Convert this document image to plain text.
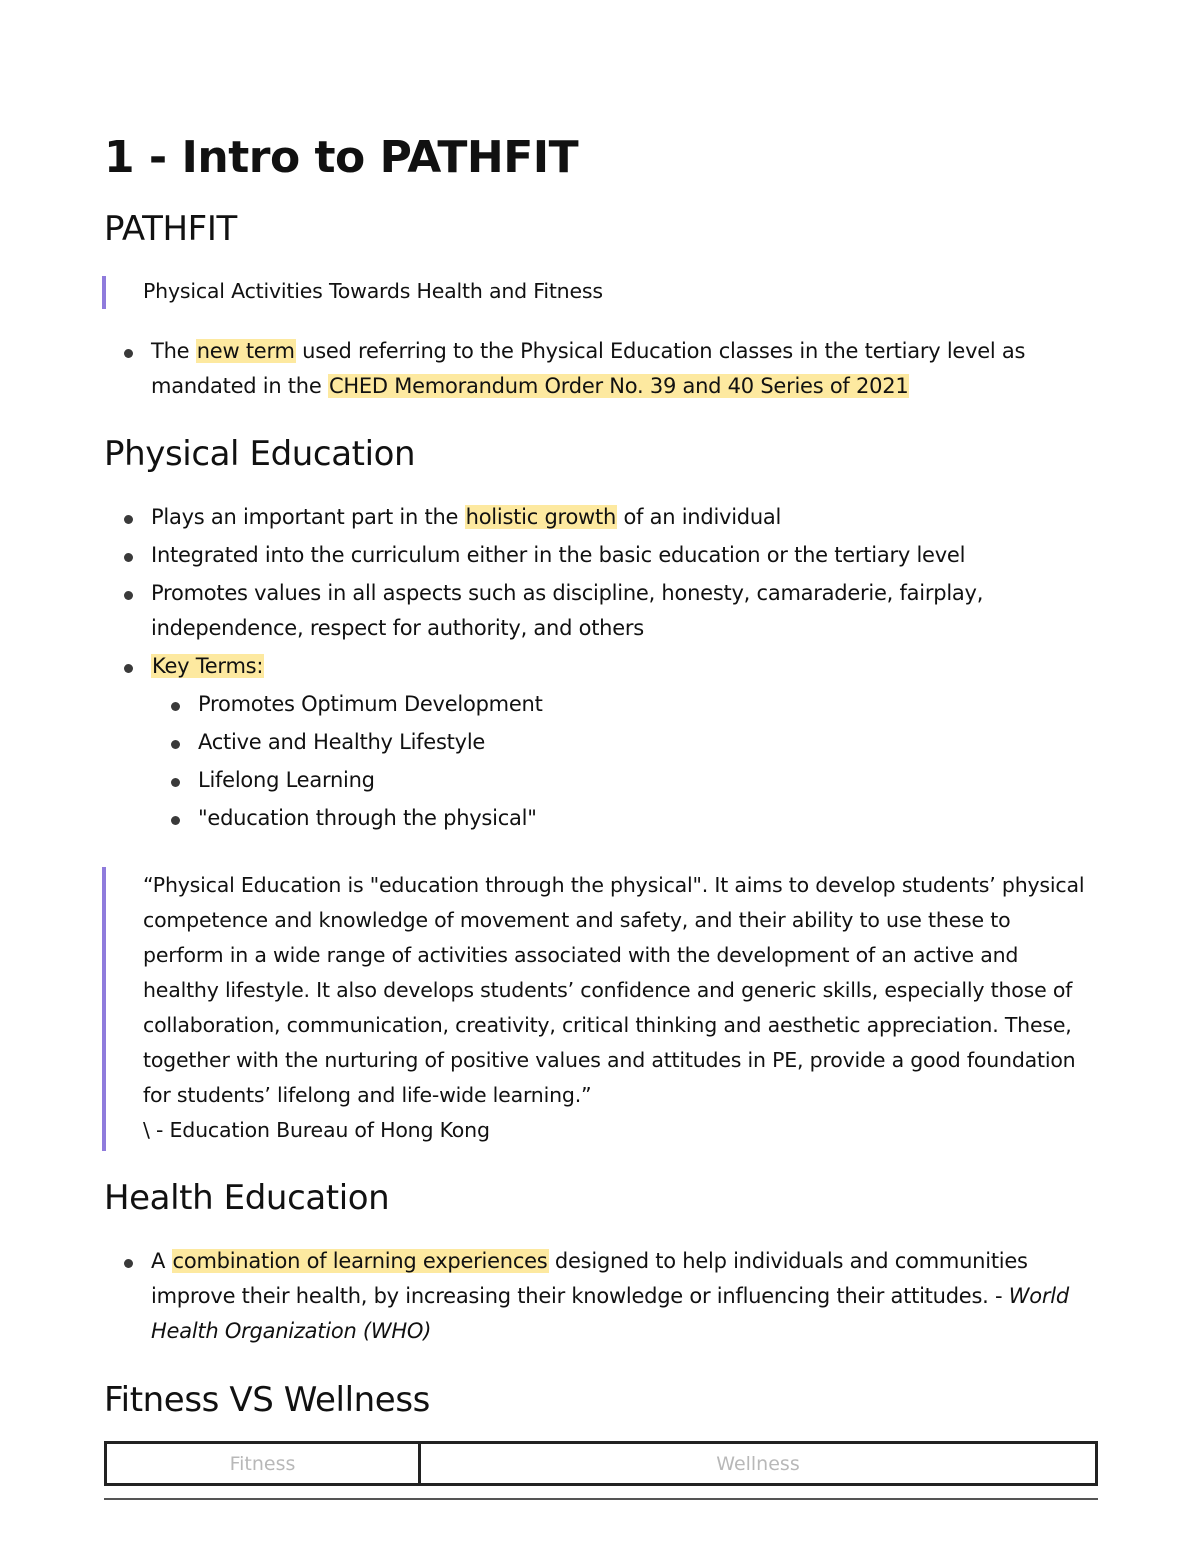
1 - Intro to PATHFIT
PATHFIT
Physical Activities Towards Health and Fitness
The new term used referring to the Physical Education classes in the tertiary level as mandated in the CHED Memorandum Order No. 39 and 40 Series of 2021
Physical Education
Plays an important part in the holistic growth of an individual
Integrated into the curriculum either in the basic education or the tertiary level
Promotes values in all aspects such as discipline, honesty, camaraderie, fairplay, independence, respect for authority, and others
Key Terms:
Promotes Optimum Development
Active and Healthy Lifestyle
Lifelong Learning
"education through the physical"
“Physical Education is "education through the physical". It aims to develop students’ physical competence and knowledge of movement and safety, and their ability to use these to perform in a wide range of activities associated with the development of an active and healthy lifestyle. It also develops students’ confidence and generic skills, especially those of collaboration, communication, creativity, critical thinking and aesthetic appreciation. These, together with the nurturing of positive values and attitudes in PE, provide a good foundation for students’ lifelong and life-wide learning.”
\ - Education Bureau of Hong Kong
Health Education
A combination of learning experiences designed to help individuals and communities improve their health, by increasing their knowledge or influencing their attitudes. - World Health Organization (WHO)
Fitness VS Wellness
Fitness	Wellness
